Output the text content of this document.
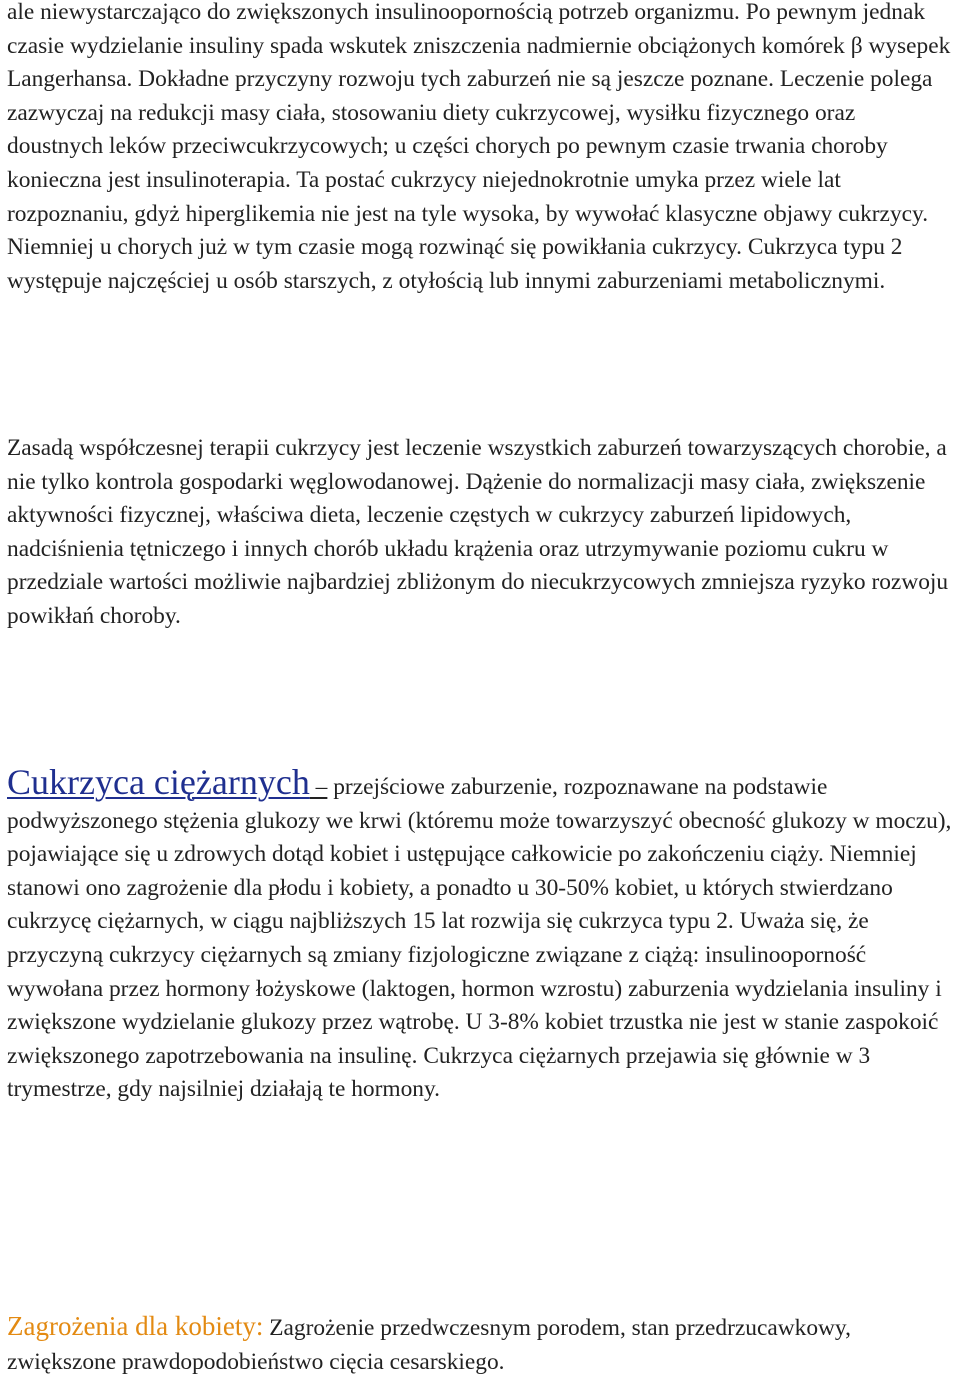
ale niewystarczająco do zwiększonych insulinoopornością potrzeb organizmu. Po pewnym jednak czasie wydzielanie insuliny spada wskutek zniszczenia nadmiernie obciążonych komórek β wysepek Langerhansa. Dokładne przyczyny rozwoju tych zaburzeń nie są jeszcze poznane. Leczenie polega zazwyczaj na redukcji masy ciała, stosowaniu diety cukrzycowej, wysiłku fizycznego oraz doustnych leków przeciwcukrzycowych; u części chorych po pewnym czasie trwania choroby konieczna jest insulinoterapia. Ta postać cukrzycy niejednokrotnie umyka przez wiele lat rozpoznaniu, gdyż hiperglikemia nie jest na tyle wysoka, by wywołać klasyczne objawy cukrzycy. Niemniej u chorych już w tym czasie mogą rozwinąć się powikłania cukrzycy. Cukrzyca typu 2 występuje najczęściej u osób starszych, z otyłością lub innymi zaburzeniami metabolicznymi.

Zasadą współczesnej terapii cukrzycy jest leczenie wszystkich zaburzeń towarzyszących chorobie, a nie tylko kontrola gospodarki węglowodanowej. Dążenie do normalizacji masy ciała, zwiększenie aktywności fizycznej, właściwa dieta, leczenie częstych w cukrzycy zaburzeń lipidowych, nadciśnienia tętniczego i innych chorób układu krążenia oraz utrzymywanie poziomu cukru w przedziale wartości możliwie najbardziej zbliżonym do niecukrzycowych zmniejsza ryzyko rozwoju powikłań choroby.

Cukrzyca ciężarnych – przejściowe zaburzenie, rozpoznawane na podstawie podwyższonego stężenia glukozy we krwi (któremu może towarzyszyć obecność glukozy w moczu), pojawiające się u zdrowych dotąd kobiet i ustępujące całkowicie po zakończeniu ciąży. Niemniej stanowi ono zagrożenie dla płodu i kobiety, a ponadto u 30-50% kobiet, u których stwierdzano cukrzycę ciężarnych, w ciągu najbliższych 15 lat rozwija się cukrzyca typu 2. Uważa się, że przyczyną cukrzycy ciężarnych są zmiany fizjologiczne związane z ciążą: insulinooporność wywołana przez hormony łożyskowe (laktogen, hormon wzrostu) zaburzenia wydzielania insuliny i zwiększone wydzielanie glukozy przez wątrobę. U 3-8% kobiet trzustka nie jest w stanie zaspokoić zwiększonego zapotrzebowania na insulinę. Cukrzyca ciężarnych przejawia się głównie w 3 trymestrze, gdy najsilniej działają te hormony.

Zagrożenia dla kobiety: Zagrożenie przedwczesnym porodem, stan przedrzucawkowy, zwiększone prawdopodobieństwo cięcia cesarskiego.
